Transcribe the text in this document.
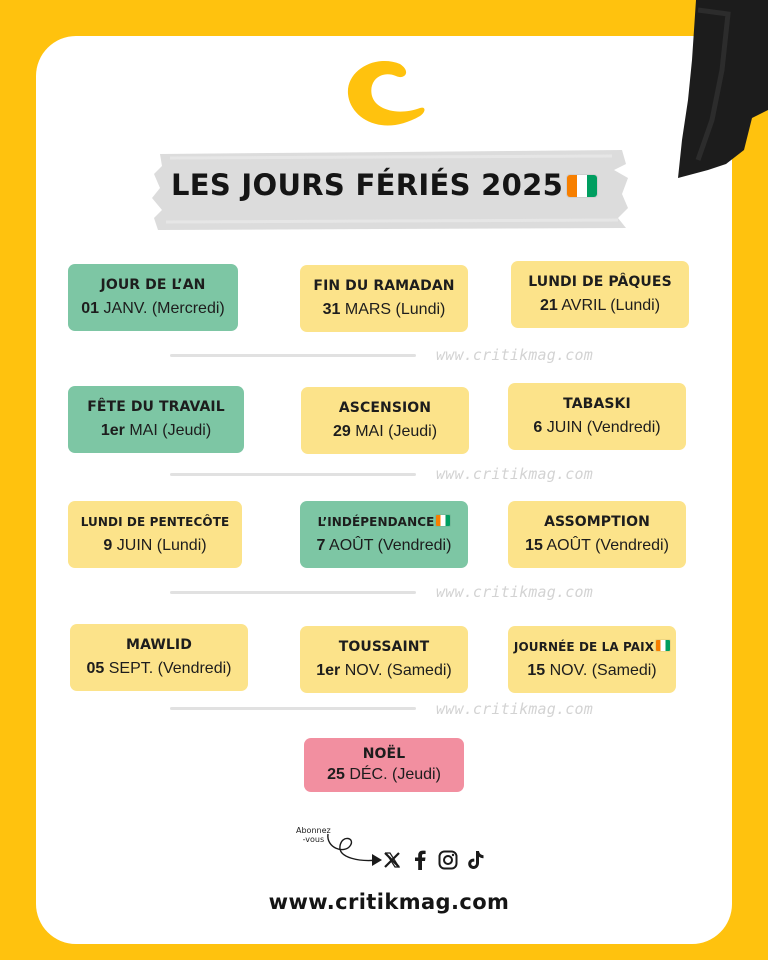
LES JOURS FÉRIÉS 2025
JOUR DE L’AN
01 JANV. (Mercredi)
FIN DU RAMADAN
31 MARS (Lundi)
LUNDI DE PÂQUES
21 AVRIL (Lundi)
www.critikmag.com
FÊTE DU TRAVAIL
1er MAI (Jeudi)
ASCENSION
29 MAI (Jeudi)
TABASKI
6 JUIN (Vendredi)
www.critikmag.com
LUNDI DE PENTECÔTE
9 JUIN (Lundi)
L’INDÉPENDANCE
7 AOÛT (Vendredi)
ASSOMPTION
15 AOÛT (Vendredi)
www.critikmag.com
MAWLID
05 SEPT. (Vendredi)
TOUSSAINT
1er NOV. (Samedi)
JOURNÉE DE LA PAIX
15 NOV. (Samedi)
www.critikmag.com
NOËL
25 DÉC. (Jeudi)
Abonnez
-vous
www.critikmag.com
